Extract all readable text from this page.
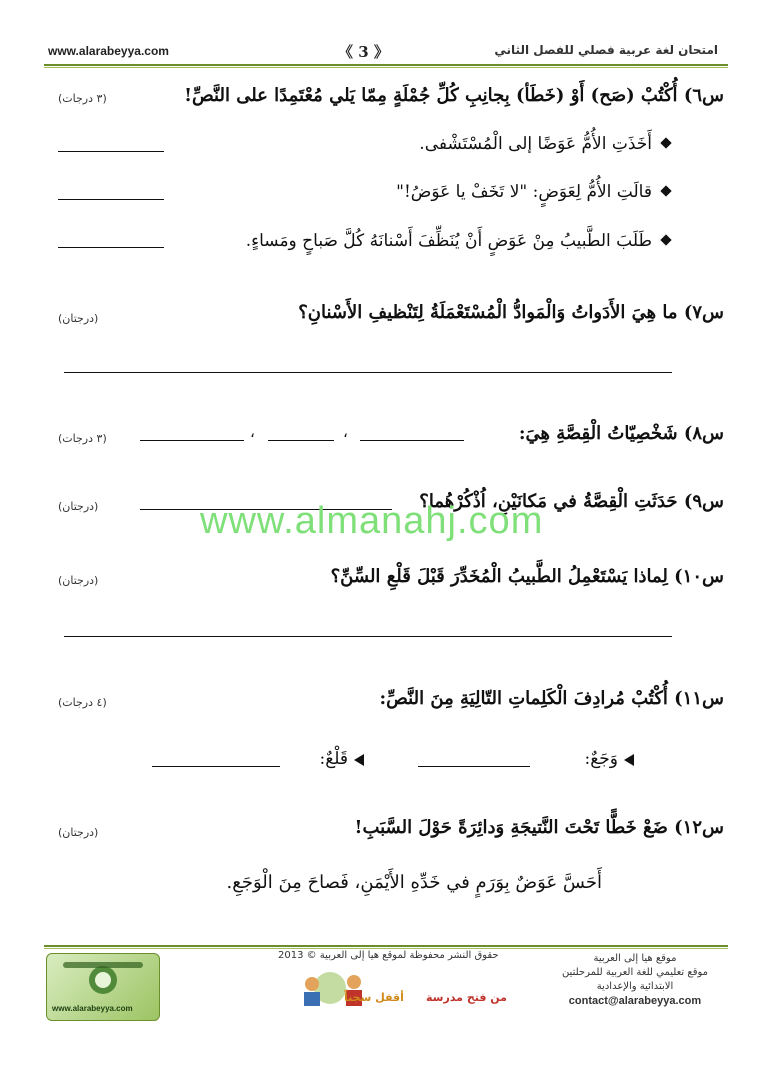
www.alarabeyya.com	《 3 》	امتحان لغة عربية فصلي للفصل الثاني
س٦) أُكْتُبْ (صَح) أَوْ (خَطَأ) بِجانِبِ كُلِّ جُمْلَةٍ مِمّا يَلي مُعْتَمِدًا على النَّصِّ!
(٣ درجات)
أَخَذَتِ الأُمُّ عَوَضًا إلى الْمُسْتَشْفى.
قالَتِ الأُمُّ لِعَوَضٍ: "لا تَخَفْ يا عَوَضُ!"
طَلَبَ الطَّبيبُ مِنْ عَوَضٍ أَنْ يُنَظِّفَ أَسْنانَهُ كُلَّ صَباحٍ ومَساءٍ.
س٧) ما هِيَ الأَدَواتُ وَالْمَوادُّ الْمُسْتَعْمَلَةُ لِتَنْظيفِ الأَسْنانِ؟
(درجتان)
س٨) شَخْصِيّاتُ الْقِصَّةِ هِيَ:
(٣ درجات)	،
،
س٩) حَدَثَتِ الْقِصَّةُ في مَكانَيْنِ، اُذْكُرْهُما؟
(درجتان)	www.almanahj.com
س١٠) لِماذا يَسْتَعْمِلُ الطَّبيبُ الْمُخَدِّرَ قَبْلَ قَلْعِ السِّنِّ؟
(درجتان)
س١١) أُكْتُبْ مُرادِفَ الْكَلِماتِ التّالِيَةِ مِنَ النَّصِّ:
(٤ درجات)
وَجَعٌ:
قَلْعٌ:
س١٢) ضَعْ خَطًّا تَحْتَ النَّتيجَةِ وَدائِرَةً حَوْلَ السَّبَبِ!
(درجتان)
أَحَسَّ عَوَضٌ بِوَرَمٍ في خَدِّهِ الأَيْمَنِ، فَصاحَ مِنَ الْوَجَعِ.
www.alarabeyya.com
حقوق النشر محفوظة لموقع هيا إلى العربية © 2013
من فتح مدرسة
أقفل سجناً
موقع هيا إلى العربية
موقع تعليمي للغة العربية للمرحلتين
الابتدائية والإعدادية
contact@alarabeyya.com
